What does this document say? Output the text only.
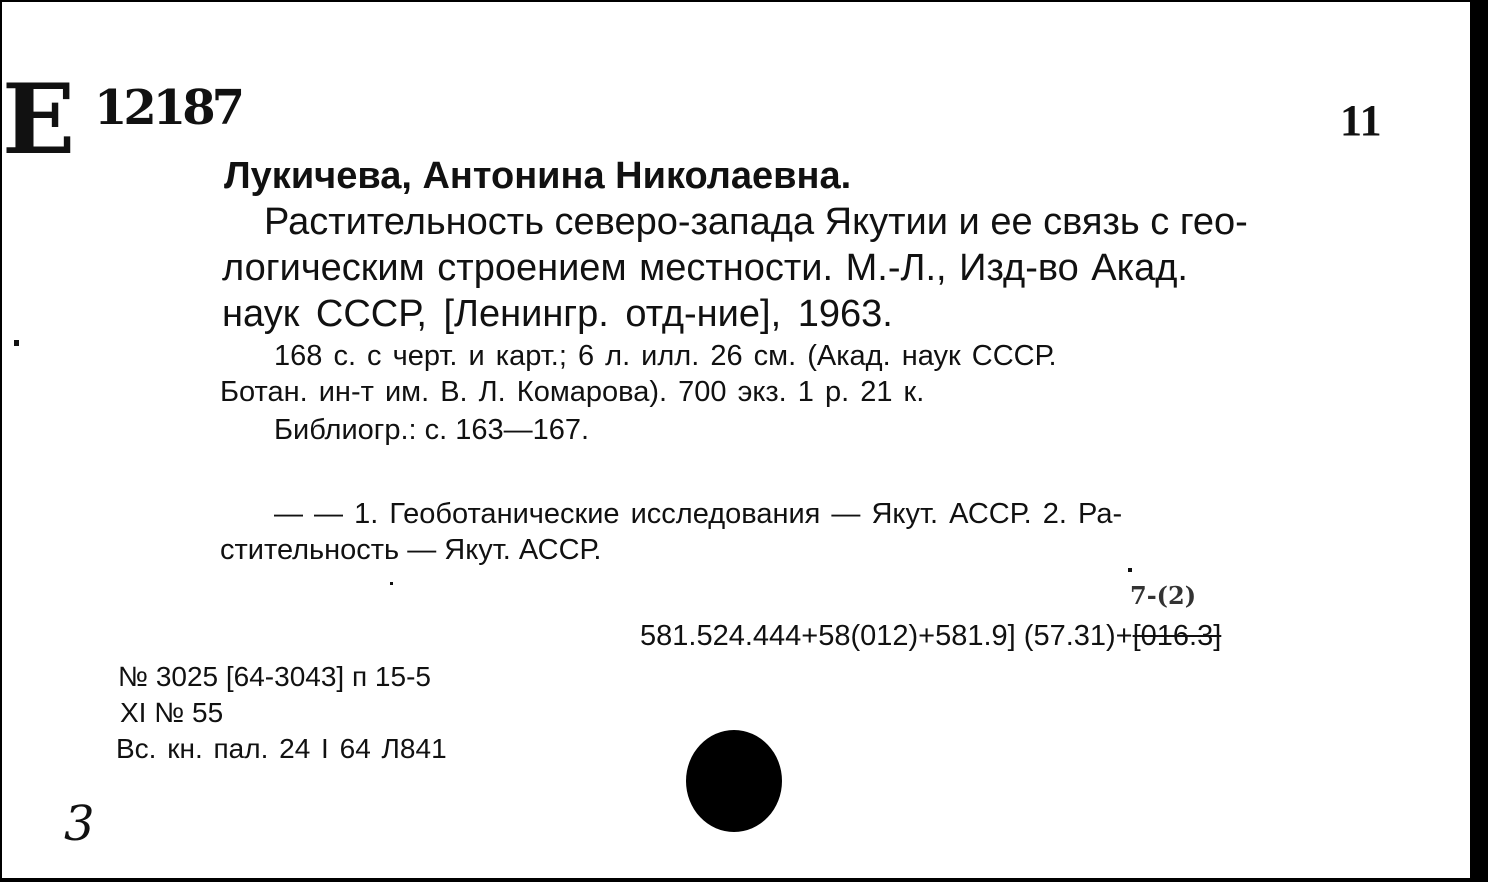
Е 12187	11
Лукичева, Антонина Николаевна.
Растительность северо-запада Якутии и ее связь с гео-
логическим строением местности. М.-Л., Изд-во Акад.
наук СССР, [Ленингр. отд-ние], 1963.
168 с. с черт. и карт.; 6 л. илл. 26 см. (Акад. наук СССР.
Ботан. ин-т им. В. Л. Комарова). 700 экз. 1 р. 21 к.
Библиогр.: с. 163—167.
— — 1. Геоботанические исследования — Якут. АССР. 2. Ра-
стительность — Якут. АССР.
7-(2)
581.524.444+58(012)+581.9] (57.31)+[016.3]
№ 3025 [64-3043] п 15-5
XI № 55
Вс. кн. пал. 24 I 64 Л841
3
